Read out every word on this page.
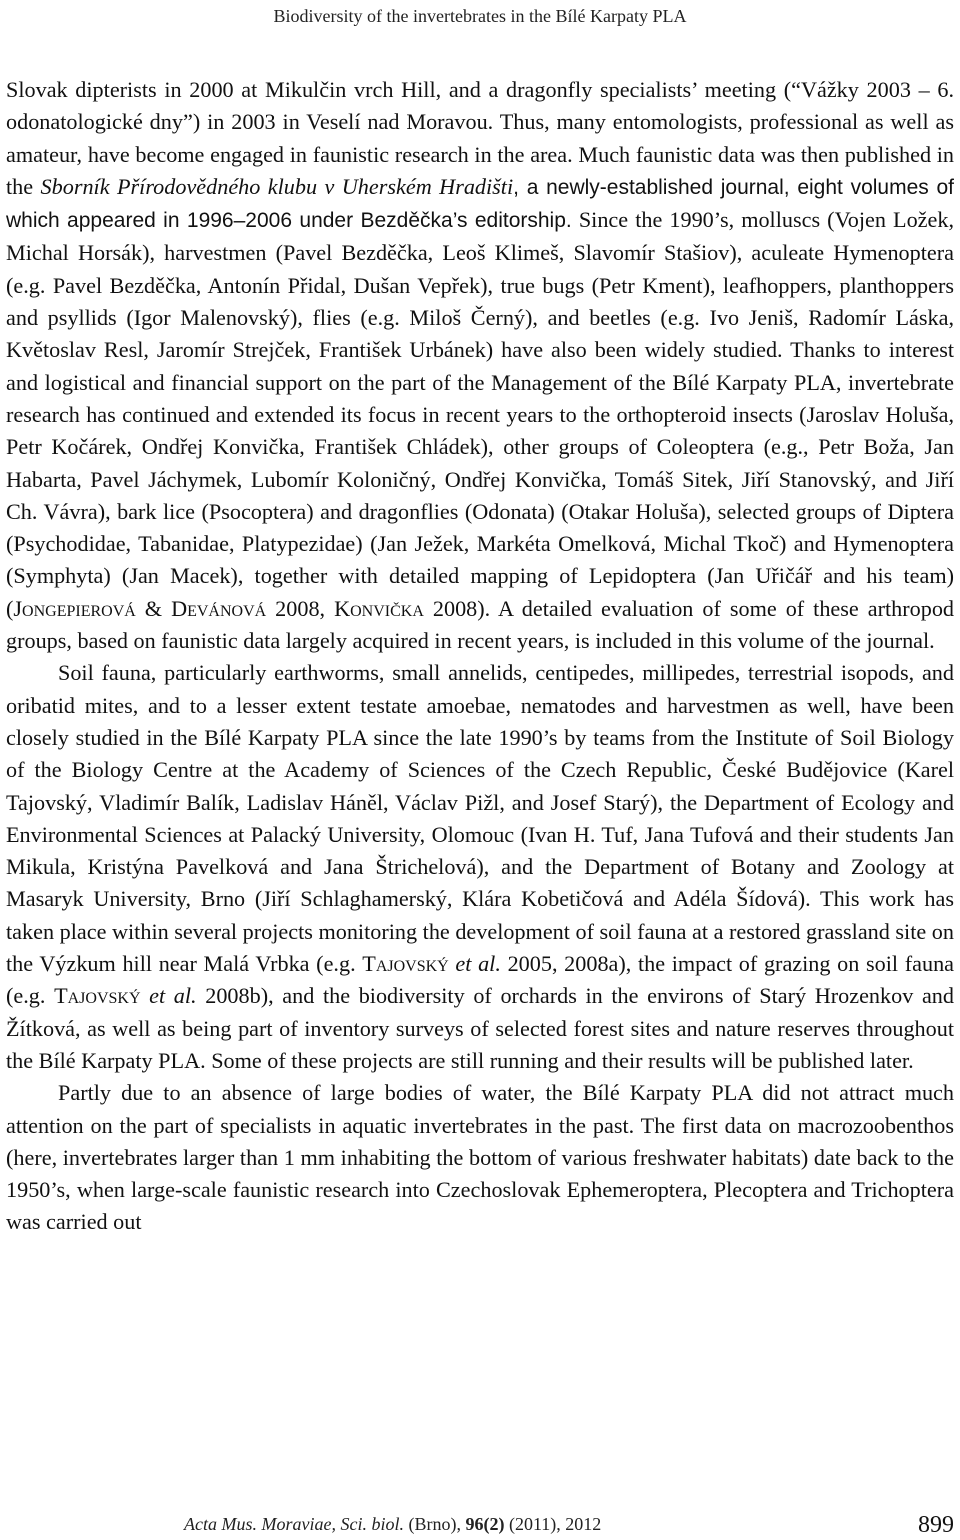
Biodiversity of the invertebrates in the Bílé Karpaty PLA

Slovak dipterists in 2000 at Mikulčin vrch Hill, and a dragonfly specialists’ meeting (“Vážky 2003 – 6. odonatologické dny”) in 2003 in Veselí nad Moravou. Thus, many entomologists, professional as well as amateur, have become engaged in faunistic research in the area. Much faunistic data was then published in the Sborník Přírodovědného klubu v Uherském Hradišti, a newly-established journal, eight volumes of which appeared in 1996–2006 under Bezděčka’s editorship. Since the 1990’s, molluscs (Vojen Ložek, Michal Horsák), harvestmen (Pavel Bezděčka, Leoš Klimeš, Slavomír Stašiov), aculeate Hymenoptera (e.g. Pavel Bezděčka, Antonín Přidal, Dušan Vepřek), true bugs (Petr Kment), leafhoppers, planthoppers and psyllids (Igor Malenovský), flies (e.g. Miloš Černý), and beetles (e.g. Ivo Jeniš, Radomír Láska, Květoslav Resl, Jaromír Strejček, František Urbánek) have also been widely studied. Thanks to interest and logistical and financial support on the part of the Management of the Bílé Karpaty PLA, invertebrate research has continued and extended its focus in recent years to the orthopteroid insects (Jaroslav Holuša, Petr Kočárek, Ondřej Konvička, František Chládek), other groups of Coleoptera (e.g., Petr Boža, Jan Habarta, Pavel Jáchymek, Lubomír Koloničný, Ondřej Konvička, Tomáš Sitek, Jiří Stanovský, and Jiří Ch. Vávra), bark lice (Psocoptera) and dragonflies (Odonata) (Otakar Holuša), selected groups of Diptera (Psychodidae, Tabanidae, Platypezidae) (Jan Ježek, Markéta Omelková, Michal Tkoč) and Hymenoptera (Symphyta) (Jan Macek), together with detailed mapping of Lepidoptera (Jan Uřičář and his team) (Jongepierová & Devánová 2008, Konvička 2008). A detailed evaluation of some of these arthropod groups, based on faunistic data largely acquired in recent years, is included in this volume of the journal.

Soil fauna, particularly earthworms, small annelids, centipedes, millipedes, terrestrial isopods, and oribatid mites, and to a lesser extent testate amoebae, nematodes and harvestmen as well, have been closely studied in the Bílé Karpaty PLA since the late 1990’s by teams from the Institute of Soil Biology of the Biology Centre at the Academy of Sciences of the Czech Republic, České Budějovice (Karel Tajovský, Vladimír Balík, Ladislav Háněl, Václav Pižl, and Josef Starý), the Department of Ecology and Environmental Sciences at Palacký University, Olomouc (Ivan H. Tuf, Jana Tufová and their students Jan Mikula, Kristýna Pavelková and Jana Štrichelová), and the Department of Botany and Zoology at Masaryk University, Brno (Jiří Schlaghamerský, Klára Kobetičová and Adéla Šídová). This work has taken place within several projects monitoring the development of soil fauna at a restored grassland site on the Výzkum hill near Malá Vrbka (e.g. Tajovský et al. 2005, 2008a), the impact of grazing on soil fauna (e.g. Tajovský et al. 2008b), and the biodiversity of orchards in the environs of Starý Hrozenkov and Žítková, as well as being part of inventory surveys of selected forest sites and nature reserves throughout the Bílé Karpaty PLA. Some of these projects are still running and their results will be published later.

Partly due to an absence of large bodies of water, the Bílé Karpaty PLA did not attract much attention on the part of specialists in aquatic invertebrates in the past. The first data on macrozoobenthos (here, invertebrates larger than 1 mm inhabiting the bottom of various freshwater habitats) date back to the 1950’s, when large-scale faunistic research into Czechoslovak Ephemeroptera, Plecoptera and Trichoptera was carried out

Acta Mus. Moraviae, Sci. biol. (Brno), 96(2) (2011), 2012	899
